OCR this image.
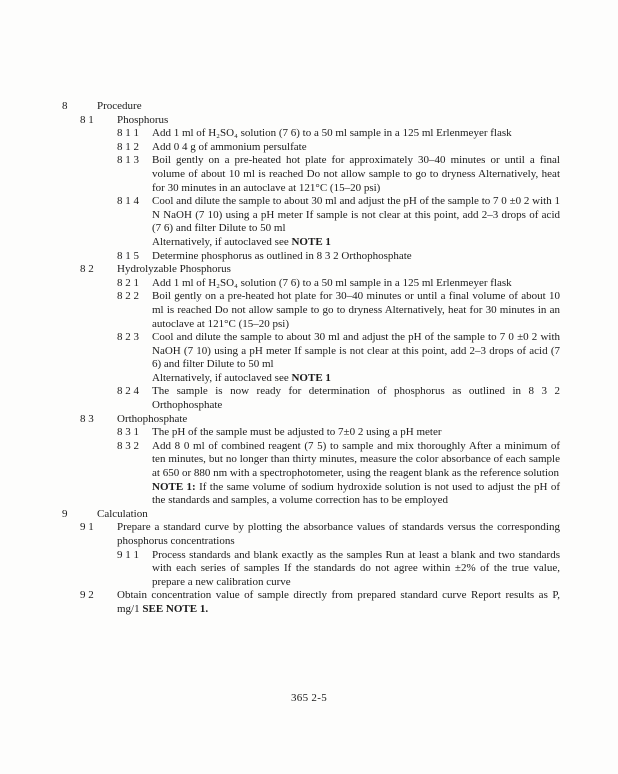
8	Procedure

8 1 Phosphorus

8 1 1 Add 1 ml of H₂SO₄ solution (7 6) to a 50 ml sample in a 125 ml Erlenmeyer flask

8 1 2 Add 0 4 g of ammonium persulfate

8 1 3 Boil gently on a pre-heated hot plate for approximately 30–40 minutes or until a final volume of about 10 ml is reached Do not allow sample to go to dryness Alternatively, heat for 30 minutes in an autoclave at 121°C (15–20 psi)

8 1 4 Cool and dilute the sample to about 30 ml and adjust the pH of the sample to 7 0 ±0 2 with 1 N NaOH (7 10) using a pH meter If sample is not clear at this point, add 2–3 drops of acid (7 6) and filter Dilute to 50 ml

Alternatively, if autoclaved see NOTE 1

8 1 5 Determine phosphorus as outlined in 8 3 2 Orthophosphate

8 2 Hydrolyzable Phosphorus

8 2 1 Add 1 ml of H₂SO₄ solution (7 6) to a 50 ml sample in a 125 ml Erlenmeyer flask

8 2 2 Boil gently on a pre-heated hot plate for 30–40 minutes or until a final volume of about 10 ml is reached Do not allow sample to go to dryness Alternatively, heat for 30 minutes in an autoclave at 121°C (15–20 psi)

8 2 3 Cool and dilute the sample to about 30 ml and adjust the pH of the sample to 7 0 ±0 2 with NaOH (7 10) using a pH meter If sample is not clear at this point, add 2–3 drops of acid (7 6) and filter Dilute to 50 ml

Alternatively, if autoclaved see NOTE 1

8 2 4 The sample is now ready for determination of phosphorus as outlined in 8 3 2 Orthophosphate

8 3 Orthophosphate

8 3 1 The pH of the sample must be adjusted to 7±0 2 using a pH meter

8 3 2 Add 8 0 ml of combined reagent (7 5) to sample and mix thoroughly After a minimum of ten minutes, but no longer than thirty minutes, measure the color absorbance of each sample at 650 or 880 nm with a spectrophotometer, using the reagent blank as the reference solution

NOTE 1: If the same volume of sodium hydroxide solution is not used to adjust the pH of the standards and samples, a volume correction has to be employed

9	Calculation

9 1 Prepare a standard curve by plotting the absorbance values of standards versus the corresponding phosphorus concentrations

9 1 1 Process standards and blank exactly as the samples Run at least a blank and two standards with each series of samples If the standards do not agree within ±2% of the true value, prepare a new calibration curve

9 2 Obtain concentration value of sample directly from prepared standard curve Report results as P, mg/1 SEE NOTE 1.

365 2-5
